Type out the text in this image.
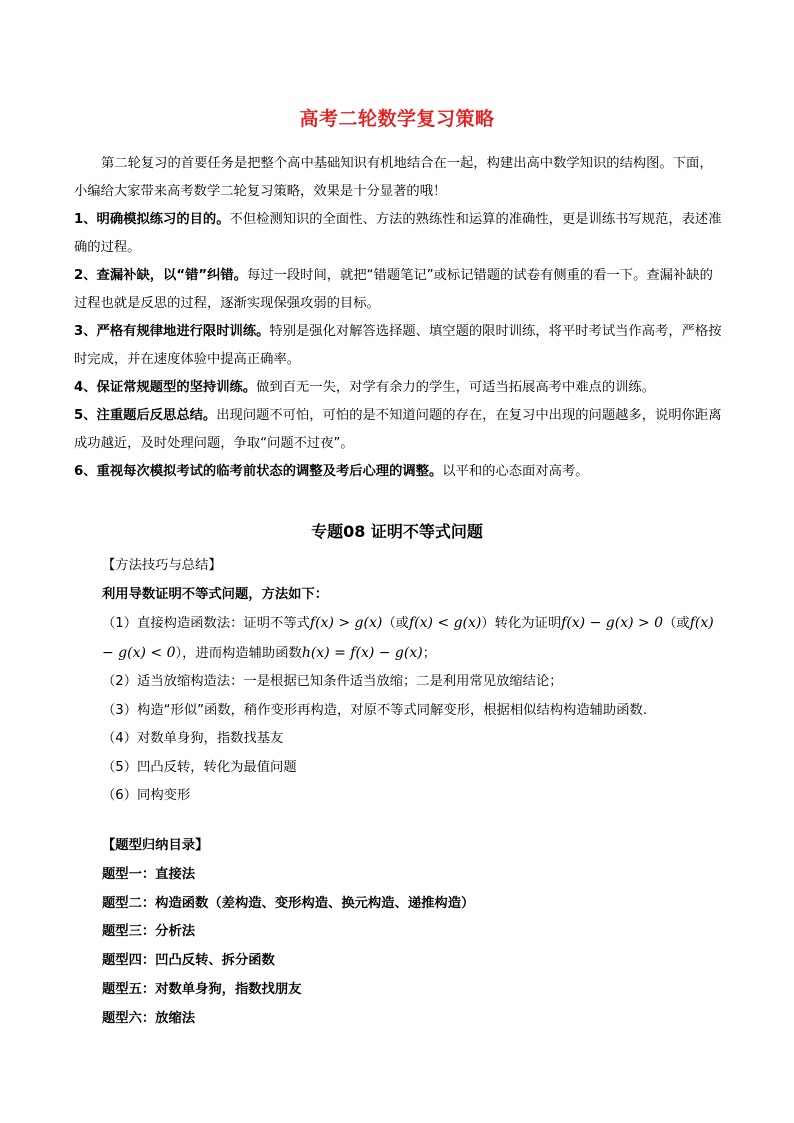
高考二轮数学复习策略

第二轮复习的首要任务是把整个高中基础知识有机地结合在一起，构建出高中数学知识的结构图。下面，小编给大家带来高考数学二轮复习策略，效果是十分显著的哦！

1、明确模拟练习的目的。不但检测知识的全面性、方法的熟练性和运算的准确性，更是训练书写规范，表述准确的过程。

2、查漏补缺，以“错”纠错。每过一段时间，就把“错题笔记”或标记错题的试卷有侧重的看一下。查漏补缺的过程也就是反思的过程，逐渐实现保强攻弱的目标。

3、严格有规律地进行限时训练。特别是强化对解答选择题、填空题的限时训练，将平时考试当作高考，严格按时完成，并在速度体验中提高正确率。

4、保证常规题型的坚持训练。做到百无一失，对学有余力的学生，可适当拓展高考中难点的训练。

5、注重题后反思总结。出现问题不可怕，可怕的是不知道问题的存在，在复习中出现的问题越多，说明你距离成功越近，及时处理问题，争取“问题不过夜”。

6、重视每次模拟考试的临考前状态的调整及考后心理的调整。以平和的心态面对高考。

专题08 证明不等式问题

【方法技巧与总结】

利用导数证明不等式问题，方法如下：

（1）直接构造函数法：证明不等式f(x) > g(x)（或f(x) < g(x)）转化为证明f(x) − g(x) > 0（或f(x) − g(x) < 0），进而构造辅助函数h(x) = f(x) − g(x)；

（2）适当放缩构造法：一是根据已知条件适当放缩；二是利用常见放缩结论；

（3）构造“形似”函数，稍作变形再构造，对原不等式同解变形，根据相似结构构造辅助函数.

（4）对数单身狗，指数找基友

（5）凹凸反转，转化为最值问题

（6）同构变形

【题型归纳目录】

题型一：直接法

题型二：构造函数（差构造、变形构造、换元构造、递推构造）

题型三：分析法

题型四：凹凸反转、拆分函数

题型五：对数单身狗，指数找朋友

题型六：放缩法
